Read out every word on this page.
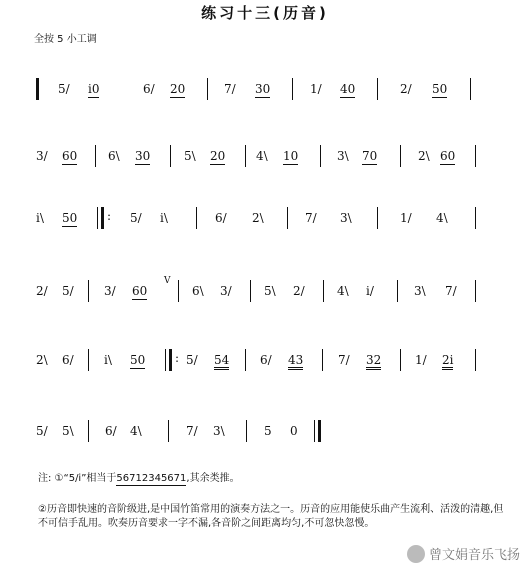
练习十三(历音)
全按 5 小工调
5/ i0	6/ 20	7/ 30	1/ 40	2/ 50
3/ 60	6\ 30	5\ 20	4\ 10	3\ 70	2\ 60
i\ 50 : 5/ i\	6/ 2\	7/ 3\	1/ 4\
2/ 5/	3/ 60
V
6\ 3/	5\ 2/	4\ i/	3\ 7/
2\ 6/	i\ 50 : 5/ 54	6/ 43	7/ 32	1/ 2i
5/ 5\	6/ 4\	7/ 3\	5 0
注: ①“5/i”相当于56712345671,其余类推。
②历音即快速的音阶级进,是中国竹笛常用的演奏方法之一。历音的应用能使乐曲产生流利、活泼的清趣,但不可信手乱用。吹奏历音要求一字不漏,各音阶之间距离均匀,不可忽快忽慢。
曾文娟音乐飞扬
